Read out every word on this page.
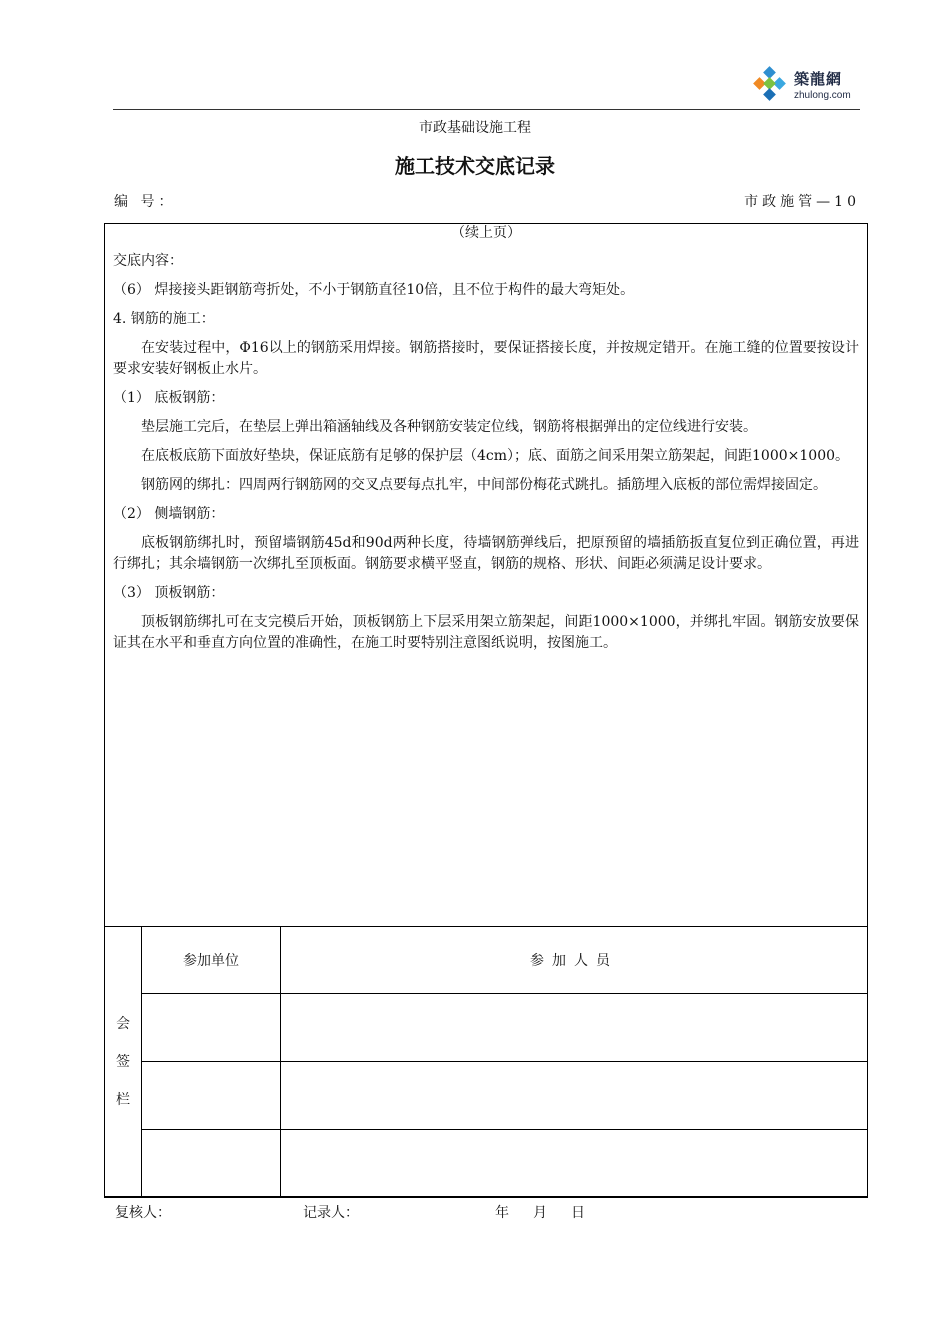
築龍網
zhulong.com
市政基础设施工程
施工技术交底记录
编 号：	市政施管—10
（续上页）

交底内容：

（6） 焊接接头距钢筋弯折处，不小于钢筋直径10倍，且不位于构件的最大弯矩处。

4. 钢筋的施工：

在安装过程中，Φ16以上的钢筋采用焊接。钢筋搭接时，要保证搭接长度，并按规定错开。在施工缝的位置要按设计要求安装好钢板止水片。

（1） 底板钢筋：

垫层施工完后，在垫层上弹出箱涵轴线及各种钢筋安装定位线，钢筋将根据弹出的定位线进行安装。

在底板底筋下面放好垫块，保证底筋有足够的保护层（4cm）；底、面筋之间采用架立筋架起，间距1000×1000。

钢筋网的绑扎：四周两行钢筋网的交叉点要每点扎牢，中间部份梅花式跳扎。插筋埋入底板的部位需焊接固定。

（2） 侧墙钢筋：

底板钢筋绑扎时，预留墙钢筋45d和90d两种长度，待墙钢筋弹线后，把原预留的墙插筋扳直复位到正确位置，再进行绑扎；其余墙钢筋一次绑扎至顶板面。钢筋要求横平竖直，钢筋的规格、形状、间距必须满足设计要求。

（3） 顶板钢筋：

顶板钢筋绑扎可在支完模后开始，顶板钢筋上下层采用架立筋架起，间距1000×1000，并绑扎牢固。钢筋安放要保证其在水平和垂直方向位置的准确性，在施工时要特别注意图纸说明，按图施工。

会
签
栏	参加单位	参加人员

复核人：	记录人：	年 月 日
